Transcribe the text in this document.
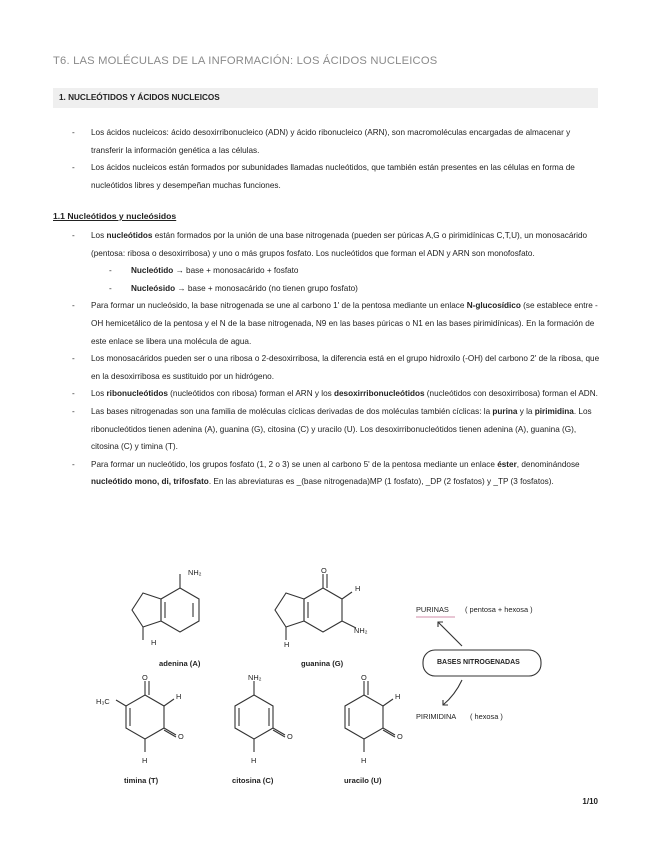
T6. LAS MOLÉCULAS DE LA INFORMACIÓN: LOS ÁCIDOS NUCLEICOS
1. NUCLEÓTIDOS Y ÁCIDOS NUCLEICOS
- Los ácidos nucleicos: ácido desoxirribonucleico (ADN) y ácido ribonucleico (ARN), son macromoléculas encargadas de almacenar y transferir la información genética a las células.
- Los ácidos nucleicos están formados por subunidades llamadas nucleótidos, que también están presentes en las células en forma de nucleótidos libres y desempeñan muchas funciones.
1.1 Nucleótidos y nucleósidos
- Los nucleótidos están formados por la unión de una base nitrogenada (pueden ser púricas A,G o pirimidínicas C,T,U), un monosacárido (pentosa: ribosa o desoxirribosa) y uno o más grupos fosfato. Los nucleótidos que forman el ADN y ARN son monofosfato.
- Nucleótido → base + monosacárido + fosfato
- Nucleósido → base + monosacárido (no tienen grupo fosfato)
- Para formar un nucleósido, la base nitrogenada se une al carbono 1' de la pentosa mediante un enlace N-glucosídico (se establece entre -OH hemicetálico de la pentosa y el N de la base nitrogenada, N9 en las bases púricas o N1 en las bases pirimidínicas). En la formación de este enlace se libera una molécula de agua.
- Los monosacáridos pueden ser o una ribosa o 2-desoxirribosa, la diferencia está en el grupo hidroxilo (-OH) del carbono 2' de la ribosa, que en la desoxirribosa es sustituido por un hidrógeno.
- Los ribonucleótidos (nucleótidos con ribosa) forman el ARN y los desoxirribonucleótidos (nucleótidos con desoxirribosa) forman el ADN.
- Las bases nitrogenadas son una familia de moléculas cíclicas derivadas de dos moléculas también cíclicas: la purina y la pirimidina. Los ribonucleótidos tienen adenina (A), guanina (G), citosina (C) y uracilo (U). Los desoxirribonucleótidos tienen adenina (A), guanina (G), citosina (C) y timina (T).
- Para formar un nucleótido, los grupos fosfato (1, 2 o 3) se unen al carbono 5' de la pentosa mediante un enlace éster, denominándose nucleótido mono, di, trifosfato. En las abreviaturas es _(base nitrogenada)MP (1 fosfato), _DP (2 fosfatos) y _TP (3 fosfatos).
adenina (A)	guanina (G)
timina (T)	citosina (C)	uracilo (U)
NH₂	O
H
NH₂
H	H
H₃C
O
H
O
H
NH₂
O
H
O
H
O
H
PURINAS ( pentosa + hexosa )
BASES NITROGENADAS
PIRIMIDINA ( hexosa )
1/10
